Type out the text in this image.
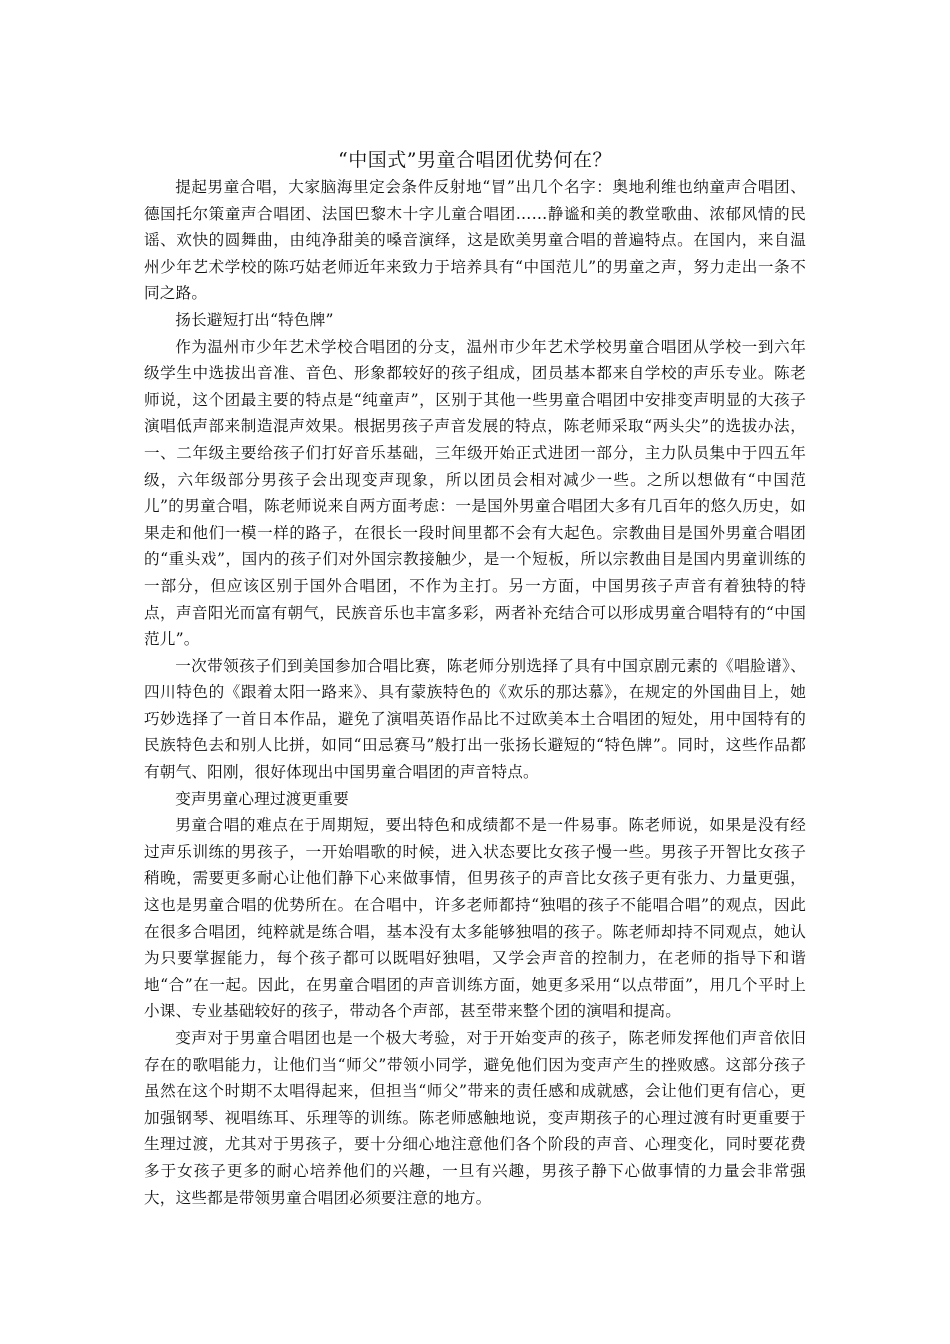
“中国式”男童合唱团优势何在？

提起男童合唱，大家脑海里定会条件反射地“冒”出几个名字：奥地利维也纳童声合唱团、德国托尔策童声合唱团、法国巴黎木十字儿童合唱团……静谧和美的教堂歌曲、浓郁风情的民谣、欢快的圆舞曲，由纯净甜美的嗓音演绎，这是欧美男童合唱的普遍特点。在国内，来自温州少年艺术学校的陈巧姑老师近年来致力于培养具有“中国范儿”的男童之声，努力走出一条不同之路。

扬长避短打出“特色牌”

作为温州市少年艺术学校合唱团的分支，温州市少年艺术学校男童合唱团从学校一到六年级学生中选拔出音准、音色、形象都较好的孩子组成，团员基本都来自学校的声乐专业。陈老师说，这个团最主要的特点是“纯童声”，区别于其他一些男童合唱团中安排变声明显的大孩子演唱低声部来制造混声效果。根据男孩子声音发展的特点，陈老师采取“两头尖”的选拔办法，一、二年级主要给孩子们打好音乐基础，三年级开始正式进团一部分，主力队员集中于四五年级，六年级部分男孩子会出现变声现象，所以团员会相对减少一些。之所以想做有“中国范儿”的男童合唱，陈老师说来自两方面考虑：一是国外男童合唱团大多有几百年的悠久历史，如果走和他们一模一样的路子，在很长一段时间里都不会有大起色。宗教曲目是国外男童合唱团的“重头戏”，国内的孩子们对外国宗教接触少，是一个短板，所以宗教曲目是国内男童训练的一部分，但应该区别于国外合唱团，不作为主打。另一方面，中国男孩子声音有着独特的特点，声音阳光而富有朝气，民族音乐也丰富多彩，两者补充结合可以形成男童合唱特有的“中国范儿”。

一次带领孩子们到美国参加合唱比赛，陈老师分别选择了具有中国京剧元素的《唱脸谱》、四川特色的《跟着太阳一路来》、具有蒙族特色的《欢乐的那达慕》，在规定的外国曲目上，她巧妙选择了一首日本作品，避免了演唱英语作品比不过欧美本土合唱团的短处，用中国特有的民族特色去和别人比拼，如同“田忌赛马”般打出一张扬长避短的“特色牌”。同时，这些作品都有朝气、阳刚，很好体现出中国男童合唱团的声音特点。

变声男童心理过渡更重要

男童合唱的难点在于周期短，要出特色和成绩都不是一件易事。陈老师说，如果是没有经过声乐训练的男孩子，一开始唱歌的时候，进入状态要比女孩子慢一些。男孩子开智比女孩子稍晚，需要更多耐心让他们静下心来做事情，但男孩子的声音比女孩子更有张力、力量更强，这也是男童合唱的优势所在。在合唱中，许多老师都持“独唱的孩子不能唱合唱”的观点，因此在很多合唱团，纯粹就是练合唱，基本没有太多能够独唱的孩子。陈老师却持不同观点，她认为只要掌握能力，每个孩子都可以既唱好独唱，又学会声音的控制力，在老师的指导下和谐地“合”在一起。因此，在男童合唱团的声音训练方面，她更多采用“以点带面”，用几个平时上小课、专业基础较好的孩子，带动各个声部，甚至带来整个团的演唱和提高。

变声对于男童合唱团也是一个极大考验，对于开始变声的孩子，陈老师发挥他们声音依旧存在的歌唱能力，让他们当“师父”带领小同学，避免他们因为变声产生的挫败感。这部分孩子虽然在这个时期不太唱得起来，但担当“师父”带来的责任感和成就感，会让他们更有信心，更加强钢琴、视唱练耳、乐理等的训练。陈老师感触地说，变声期孩子的心理过渡有时更重要于生理过渡，尤其对于男孩子，要十分细心地注意他们各个阶段的声音、心理变化，同时要花费多于女孩子更多的耐心培养他们的兴趣，一旦有兴趣，男孩子静下心做事情的力量会非常强大，这些都是带领男童合唱团必须要注意的地方。
